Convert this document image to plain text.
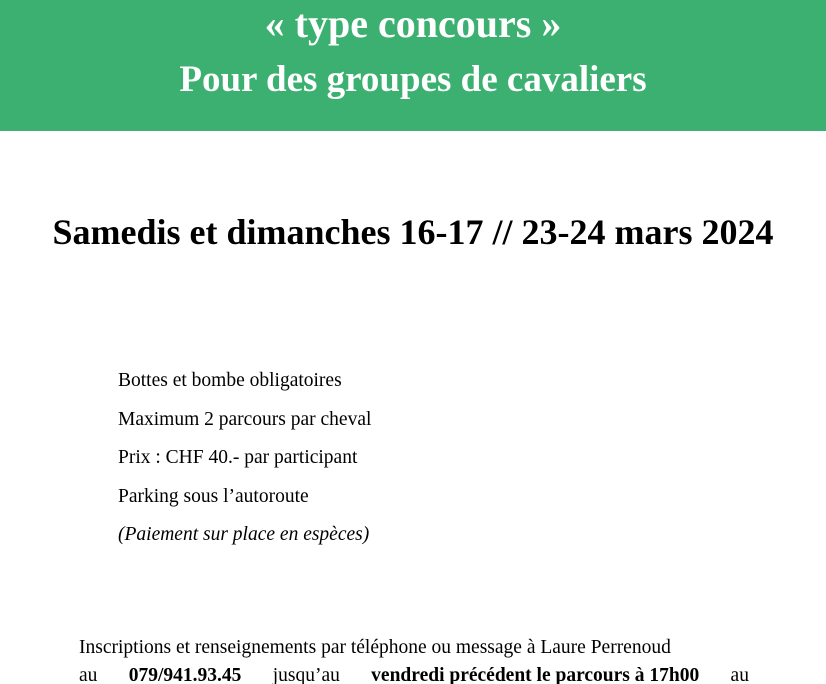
« type concours »
Pour des groupes de cavaliers
Samedis et dimanches 16-17 // 23-24 mars 2024
Bottes et bombe obligatoires
Maximum 2 parcours par cheval
Prix : CHF 40.- par participant
Parking sous l’autoroute
(Paiement sur place en espèces)
Inscriptions et renseignements par téléphone ou message à Laure Perrenoud
au 079/941.93.45 jusqu’au vendredi précédent le parcours à 17h00 au
